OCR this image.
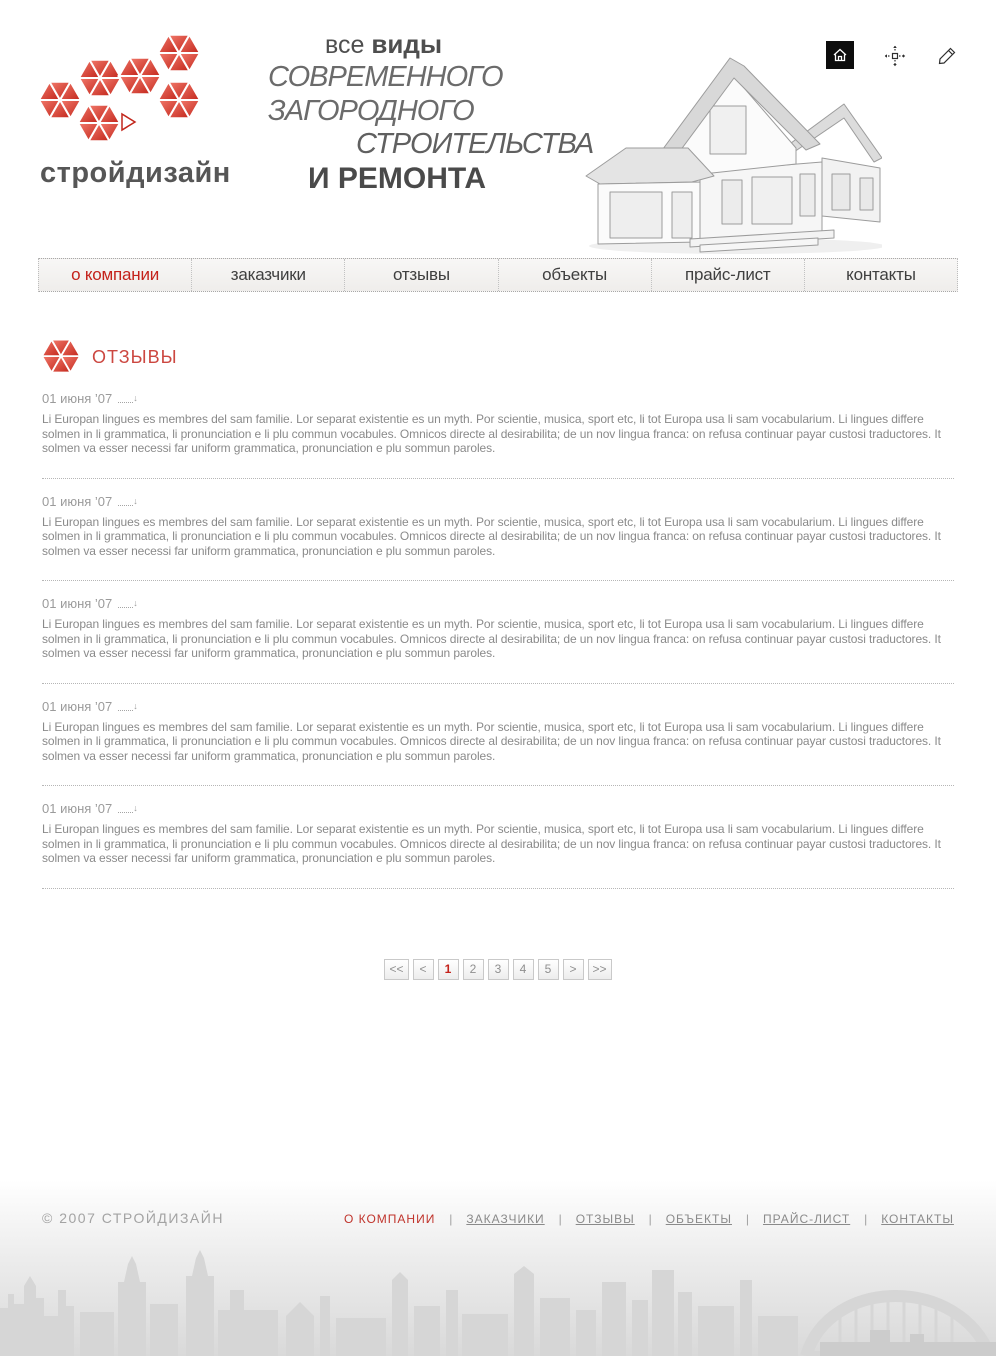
стройдизайн
все виды
СОВРЕМЕННОГО ЗАГОРОДНОГО
СТРОИТЕЛЬСТВА
И РЕМОНТА
о компании	заказчики	отзывы	объекты	прайс-лист	контакты
ОТЗЫВЫ
01 июня ’07 ↓
Li Europan lingues es membres del sam familie. Lor separat existentie es un myth. Por scientie, musica, sport etc, li tot Europa usa li sam vocabularium. Li lingues differe solmen in li grammatica, li pronunciation e li plu commun vocabules. Omnicos directe al desirabilita; de un nov lingua franca: on refusa continuar payar custosi traductores. It solmen va esser necessi far uniform grammatica, pronunciation e plu sommun paroles.
01 июня ’07 ↓
Li Europan lingues es membres del sam familie. Lor separat existentie es un myth. Por scientie, musica, sport etc, li tot Europa usa li sam vocabularium. Li lingues differe solmen in li grammatica, li pronunciation e li plu commun vocabules. Omnicos directe al desirabilita; de un nov lingua franca: on refusa continuar payar custosi traductores. It solmen va esser necessi far uniform grammatica, pronunciation e plu sommun paroles.
01 июня ’07 ↓
Li Europan lingues es membres del sam familie. Lor separat existentie es un myth. Por scientie, musica, sport etc, li tot Europa usa li sam vocabularium. Li lingues differe solmen in li grammatica, li pronunciation e li plu commun vocabules. Omnicos directe al desirabilita; de un nov lingua franca: on refusa continuar payar custosi traductores. It solmen va esser necessi far uniform grammatica, pronunciation e plu sommun paroles.
01 июня ’07 ↓
Li Europan lingues es membres del sam familie. Lor separat existentie es un myth. Por scientie, musica, sport etc, li tot Europa usa li sam vocabularium. Li lingues differe solmen in li grammatica, li pronunciation e li plu commun vocabules. Omnicos directe al desirabilita; de un nov lingua franca: on refusa continuar payar custosi traductores. It solmen va esser necessi far uniform grammatica, pronunciation e plu sommun paroles.
01 июня ’07 ↓
Li Europan lingues es membres del sam familie. Lor separat existentie es un myth. Por scientie, musica, sport etc, li tot Europa usa li sam vocabularium. Li lingues differe solmen in li grammatica, li pronunciation e li plu commun vocabules. Omnicos directe al desirabilita; de un nov lingua franca: on refusa continuar payar custosi traductores. It solmen va esser necessi far uniform grammatica, pronunciation e plu sommun paroles.
<<	<	1	2	3	4	5	>	>>
© 2007 СТРОЙДИЗАЙН	О КОМПАНИИ | ЗАКАЗЧИКИ | ОТЗЫВЫ | ОБЪЕКТЫ | ПРАЙС-ЛИСТ | КОНТАКТЫ
